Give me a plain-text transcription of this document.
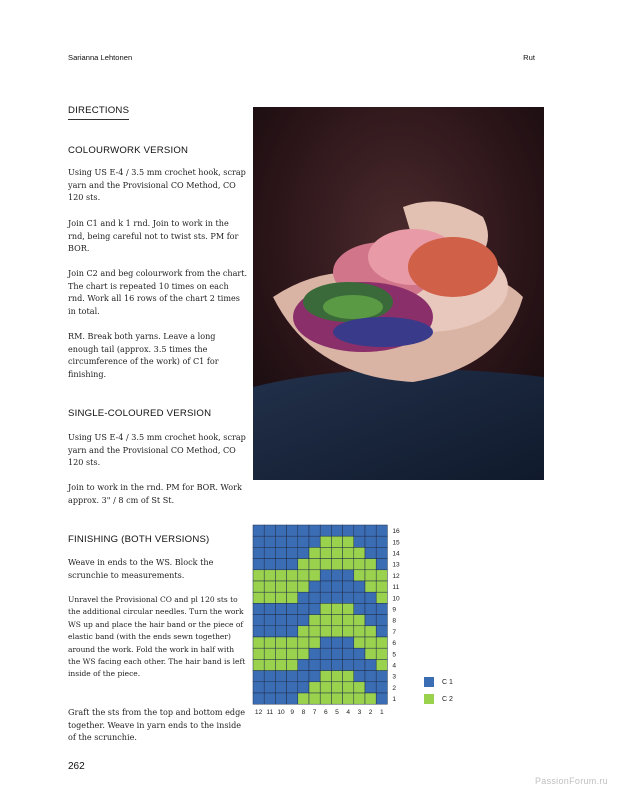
Sarianna Lehtonen	Rut
DIRECTIONS
COLOURWORK VERSION

Using US E-4 / 3.5 mm crochet hook, scrap yarn and the Provisional CO Method, CO 120 sts.

Join C1 and k 1 rnd. Join to work in the rnd, being careful not to twist sts. PM for BOR.

Join C2 and beg colourwork from the chart. The chart is repeated 10 times on each rnd. Work all 16 rows of the chart 2 times in total.

RM. Break both yarns. Leave a long enough tail (approx. 3.5 times the circumference of the work) of C1 for finishing.

SINGLE-COLOURED VERSION

Using US E-4 / 3.5 mm crochet hook, scrap yarn and the Provisional CO Method, CO 120 sts.

Join to work in the rnd. PM for BOR. Work approx. 3" / 8 cm of St St.

FINISHING (BOTH VERSIONS)

Weave in ends to the WS. Block the scrunchie to measurements.

Unravel the Provisional CO and pl 120 sts to the additional circular needles. Turn the work WS up and place the hair band or the piece of elastic band (with the ends sewn together) around the work. Fold the work in half with the WS facing each other. The hair band is left inside of the piece.

Graft the sts from the top and bottom edge together. Weave in yarn ends to the inside of the scrunchie.

16
15
14
13
12
11
10
9
8
7
6
5
4
3
2
1
12 11 10 9 8 7 6 5 4 3 2 1
C 1
C 2
262
PassionForum.ru
